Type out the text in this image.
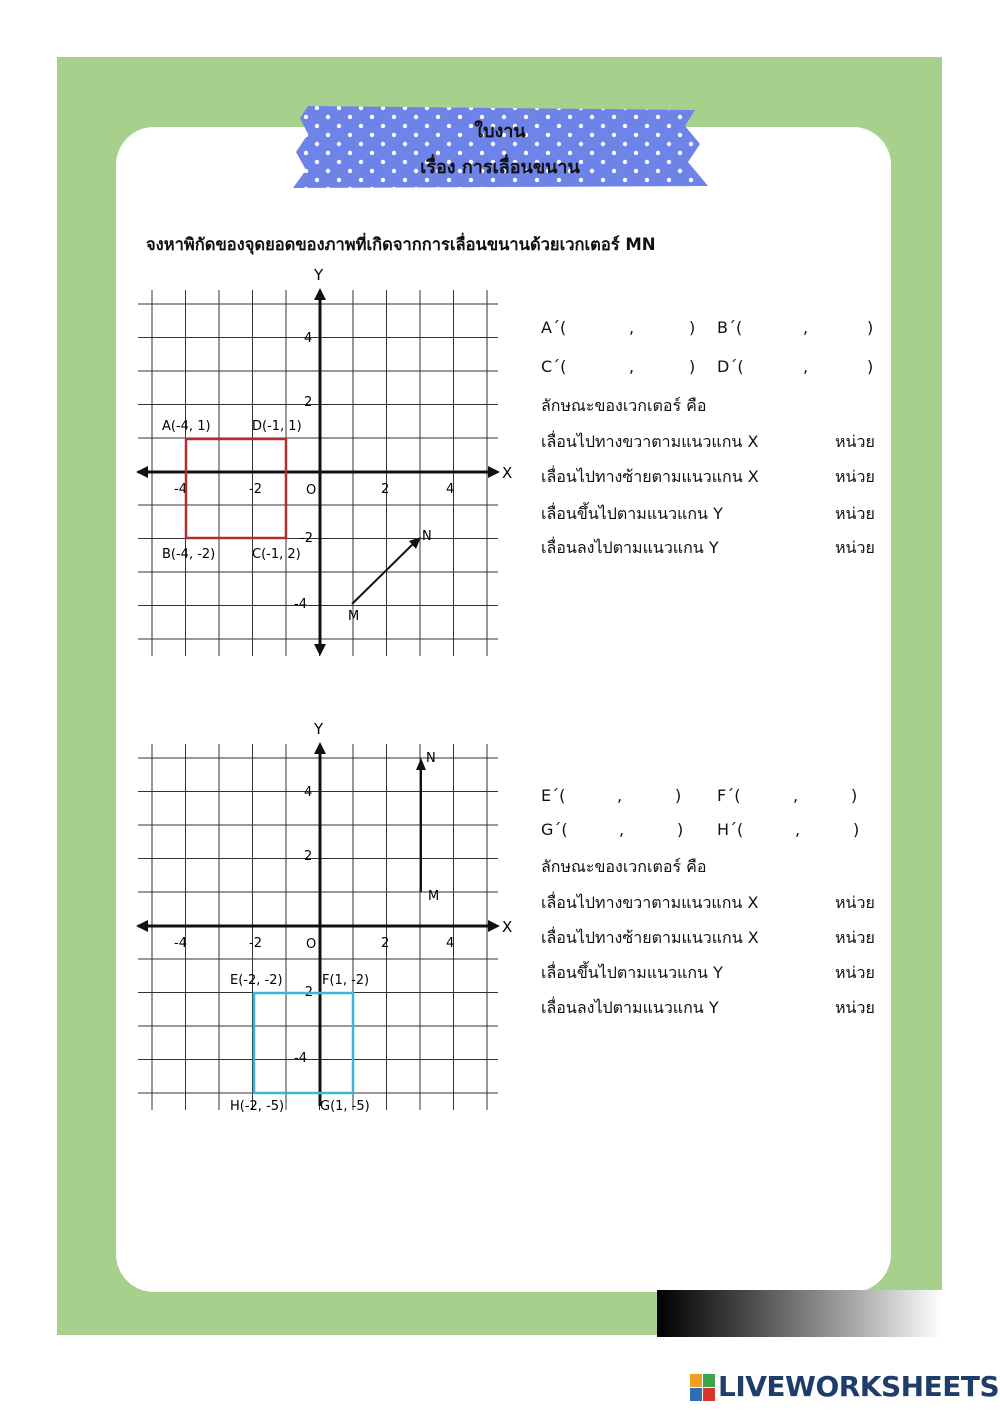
ใบงาน
เรื่อง การเลื่อนขนาน
จงหาพิกัดของจุดยอดของภาพที่เกิดจากการเลื่อนขนานด้วยเวกเตอร์ MN
X
Y
O
-4	-2	2	4
4
2
-2
-4
A(-4, 1)	D(-1, 1)
B(-4, -2)	C(-1, 2)
M
N
X
Y
O
-4	-2	2	4
4
2
-2
-4
E(-2, -2)	F(1, -2)
H(-2, -5)	G(1, -5)
M
N
A´(	,	) B´(	,	)
C´(	,	) D´(	,	)
ลักษณะของเวกเตอร์ คือ
เลื่อนไปทางขวาตามแนวแกน X	หน่วย
เลื่อนไปทางซ้ายตามแนวแกน X	หน่วย
เลื่อนขึ้นไปตามแนวแกน Y	หน่วย
เลื่อนลงไปตามแนวแกน Y	หน่วย
E´(	,	) F´(	,	)
G´(	,	) H´(	,	)
ลักษณะของเวกเตอร์ คือ
เลื่อนไปทางขวาตามแนวแกน X	หน่วย
เลื่อนไปทางซ้ายตามแนวแกน X	หน่วย
เลื่อนขึ้นไปตามแนวแกน Y	หน่วย
เลื่อนลงไปตามแนวแกน Y	หน่วย
LIVEWORKSHEETS
